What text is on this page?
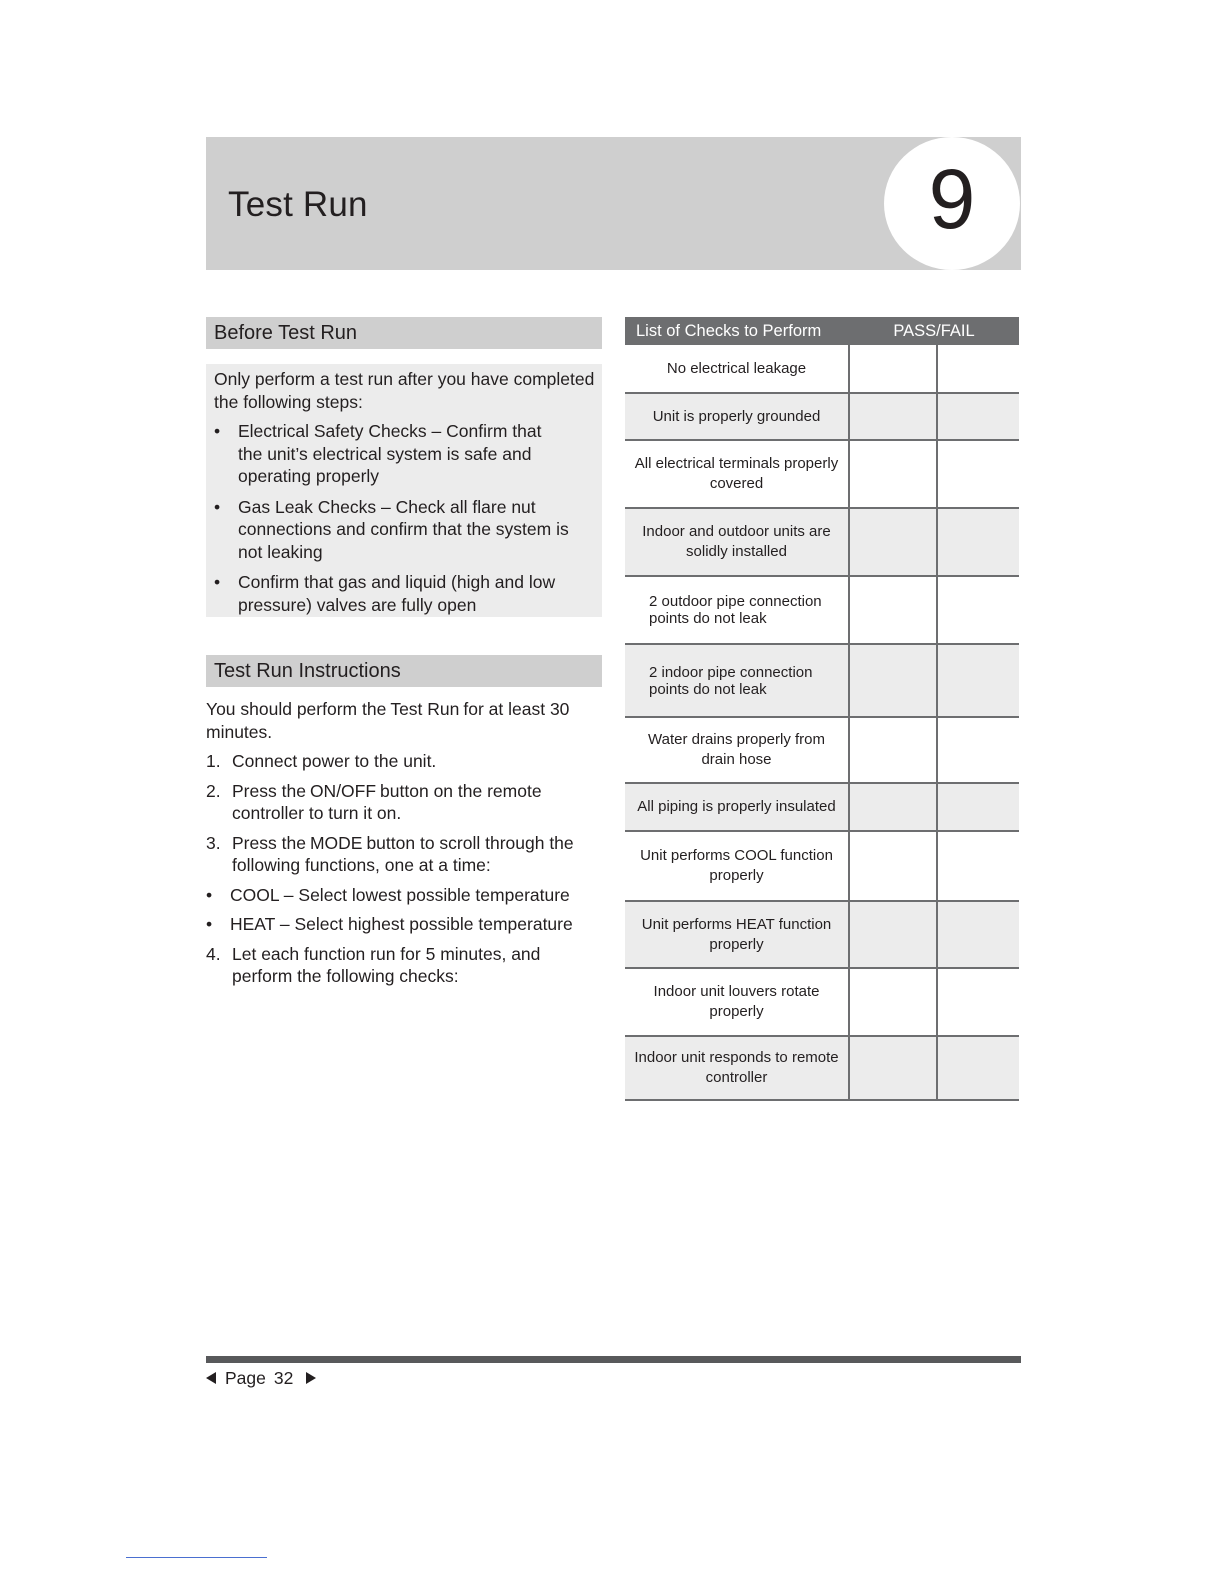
Test Run	9
Before Test Run

Only perform a test run after you have completed the following steps:

•	Electrical Safety Checks – Confirm that the unit’s electrical system is safe and operating properly
•	Gas Leak Checks – Check all flare nut connections and confirm that the system is not leaking
•	Confirm that gas and liquid (high and low pressure) valves are fully open
Test Run Instructions

You should perform the Test Run for at least 30 minutes.

1. Connect power to the unit.
2. Press the ON/OFF button on the remote controller to turn it on.
3. Press the MODE button to scroll through the following functions, one at a time:
• COOL – Select lowest possible temperature
• HEAT – Select highest possible temperature
4. Let each function run for 5 minutes, and perform the following checks:
List of Checks to Perform	PASS/FAIL	
No electrical leakage		
Unit is properly grounded		
All electrical terminals properly covered		
Indoor and outdoor units are solidly installed		
2 outdoor pipe connection points do not leak		
2 indoor pipe connection points do not leak		
Water drains properly from drain hose		
All piping is properly insulated		
Unit performs COOL function properly		
Unit performs HEAT function properly		
Indoor unit louvers rotate properly		
Indoor unit responds to remote controller		
Page 32
